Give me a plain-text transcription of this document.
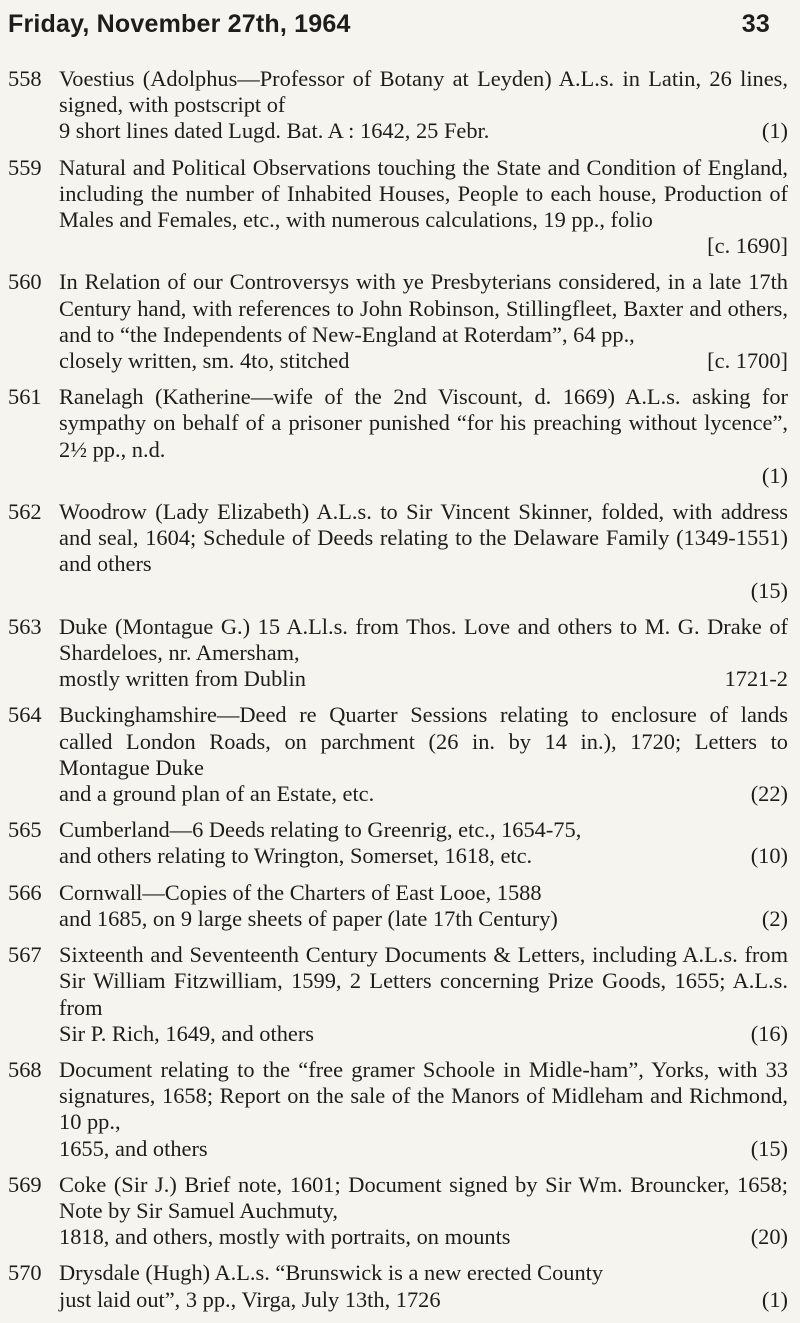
Friday, November 27th, 1964	33
558 Voestius (Adolphus—Professor of Botany at Leyden) A.L.s. in Latin, 26 lines, signed, with postscript of
9 short lines dated Lugd. Bat. A : 1642, 25 Febr.	(1)
559 Natural and Political Observations touching the State and Condition of England, including the number of Inhabited Houses, People to each house, Production of Males and Females, etc., with numerous calculations, 19 pp., folio
[c. 1690]
560 In Relation of our Controversys with ye Presbyterians considered, in a late 17th Century hand, with references to John Robinson, Stillingfleet, Baxter and others, and to “the Independents of New-England at Roterdam”, 64 pp.,
closely written, sm. 4to, stitched	[c. 1700]
561 Ranelagh (Katherine—wife of the 2nd Viscount, d. 1669) A.L.s. asking for sympathy on behalf of a prisoner punished “for his preaching without lycence”, 2½ pp., n.d.
(1)
562 Woodrow (Lady Elizabeth) A.L.s. to Sir Vincent Skinner, folded, with address and seal, 1604; Schedule of Deeds relating to the Delaware Family (1349-1551) and others
(15)
563 Duke (Montague G.) 15 A.Ll.s. from Thos. Love and others to M. G. Drake of Shardeloes, nr. Amersham,
mostly written from Dublin	1721-2
564 Buckinghamshire—Deed re Quarter Sessions relating to enclosure of lands called London Roads, on parchment (26 in. by 14 in.), 1720; Letters to Montague Duke
and a ground plan of an Estate, etc.	(22)
565 Cumberland—6 Deeds relating to Greenrig, etc., 1654-75,
and others relating to Wrington, Somerset, 1618, etc.	(10)
566 Cornwall—Copies of the Charters of East Looe, 1588
and 1685, on 9 large sheets of paper (late 17th Century)	(2)
567 Sixteenth and Seventeenth Century Documents & Letters, including A.L.s. from Sir William Fitzwilliam, 1599, 2 Letters concerning Prize Goods, 1655; A.L.s. from
Sir P. Rich, 1649, and others	(16)
568 Document relating to the “free gramer Schoole in Midle-ham”, Yorks, with 33 signatures, 1658; Report on the sale of the Manors of Midleham and Richmond, 10 pp.,
1655, and others	(15)
569 Coke (Sir J.) Brief note, 1601; Document signed by Sir Wm. Brouncker, 1658; Note by Sir Samuel Auchmuty,
1818, and others, mostly with portraits, on mounts	(20)
570 Drysdale (Hugh) A.L.s. “Brunswick is a new erected County
just laid out”, 3 pp., Virga, July 13th, 1726	(1)
